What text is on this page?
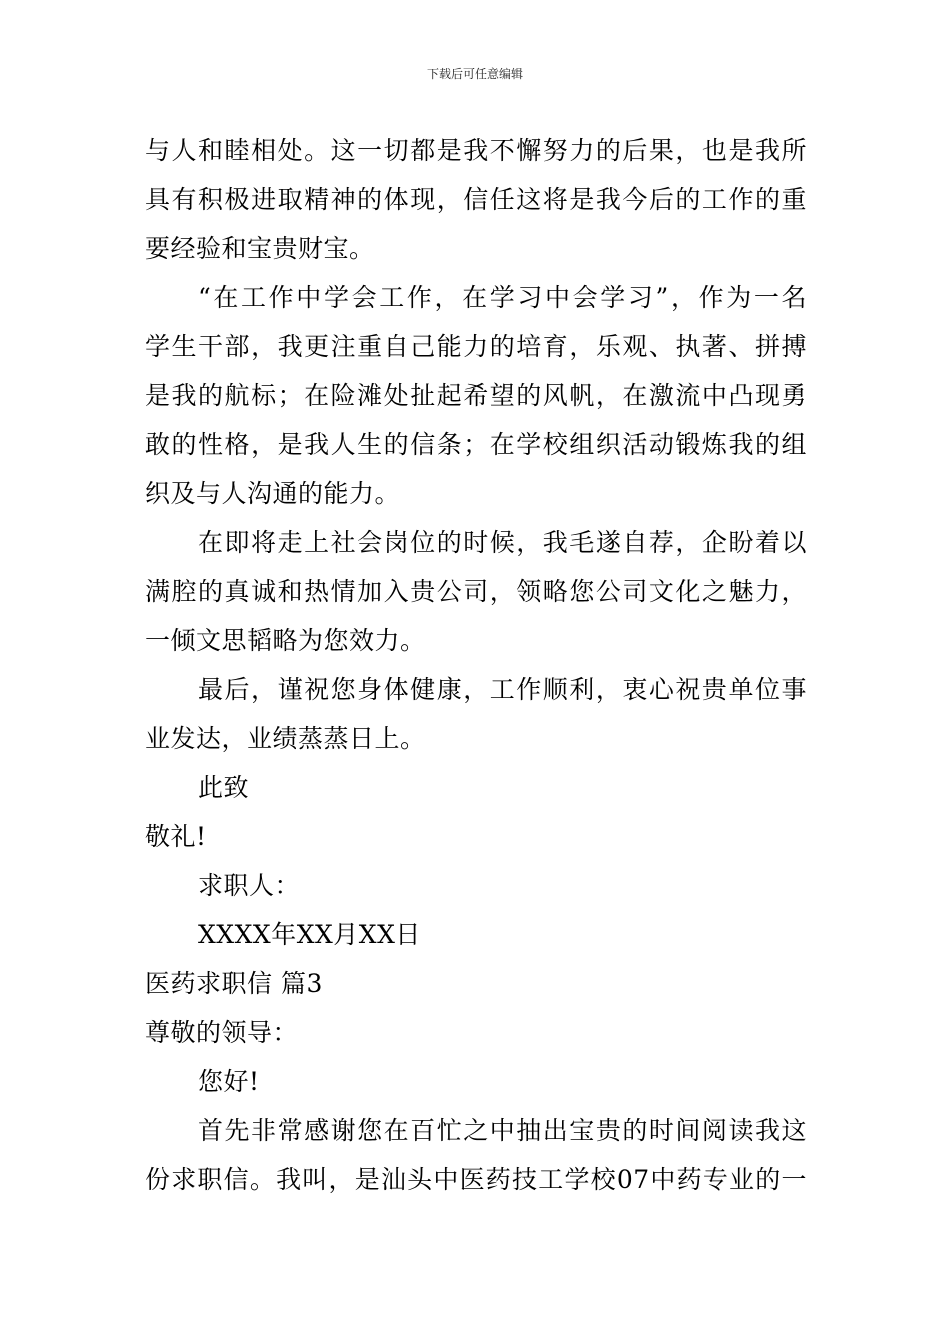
下载后可任意编辑
与人和睦相处。这一切都是我不懈努力的后果，也是我所
具有积极进取精神的体现，信任这将是我今后的工作的重
要经验和宝贵财宝。
“在工作中学会工作，在学习中会学习”，作为一名
学生干部，我更注重自己能力的培育，乐观、执著、拼搏
是我的航标；在险滩处扯起希望的风帆，在激流中凸现勇
敢的性格，是我人生的信条；在学校组织活动锻炼我的组
织及与人沟通的能力。
在即将走上社会岗位的时候，我毛遂自荐，企盼着以
满腔的真诚和热情加入贵公司，领略您公司文化之魅力，
一倾文思韬略为您效力。
最后，谨祝您身体健康，工作顺利，衷心祝贵单位事
业发达，业绩蒸蒸日上。
此致
敬礼!
求职人：
XXXX年XX月XX日
医药求职信 篇3
尊敬的领导：
您好!
首先非常感谢您在百忙之中抽出宝贵的时间阅读我这
份求职信。我叫，是汕头中医药技工学校07中药专业的一
